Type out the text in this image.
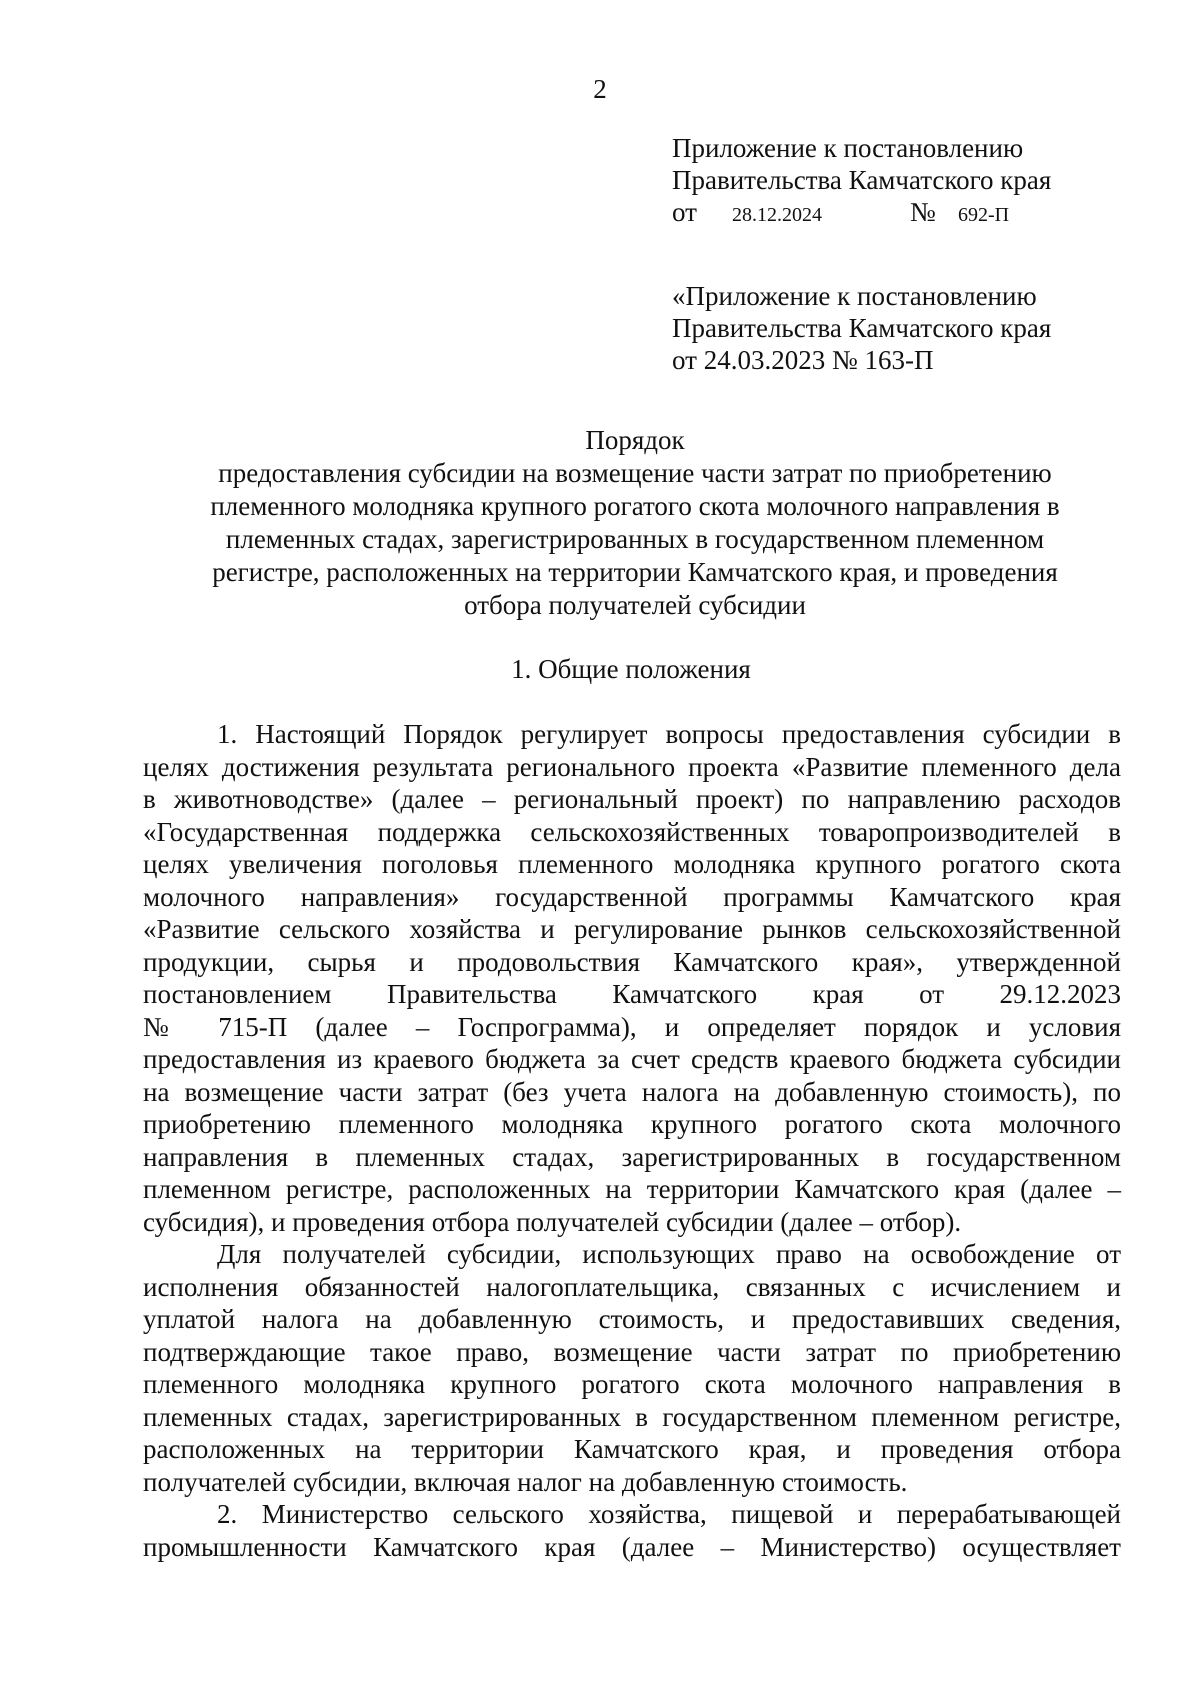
2
Приложение к постановлению
Правительства Камчатского края
от	28.12.2024	№	692-П
«Приложение к постановлению
Правительства Камчатского края
от 24.03.2023 № 163-П
Порядок
предоставления субсидии на возмещение части затрат по приобретению
племенного молодняка крупного рогатого скота молочного направления в
племенных стадах, зарегистрированных в государственном племенном
регистре, расположенных на территории Камчатского края, и проведения
отбора получателей субсидии
1. Общие положения
1. Настоящий Порядок регулирует вопросы предоставления субсидии в
целях достижения результата регионального проекта «Развитие племенного дела
в животноводстве» (далее – региональный проект) по направлению расходов
«Государственная поддержка сельскохозяйственных товаропроизводителей в
целях увеличения поголовья племенного молодняка крупного рогатого скота
молочного направления» государственной программы Камчатского края
«Развитие сельского хозяйства и регулирование рынков сельскохозяйственной
продукции, сырья и продовольствия Камчатского края», утвержденной
постановлением Правительства Камчатского края от 29.12.2023
№ 715-П (далее – Госпрограмма), и определяет порядок и условия
предоставления из краевого бюджета за счет средств краевого бюджета субсидии
на возмещение части затрат (без учета налога на добавленную стоимость), по
приобретению племенного молодняка крупного рогатого скота молочного
направления в племенных стадах, зарегистрированных в государственном
племенном регистре, расположенных на территории Камчатского края (далее –
субсидия), и проведения отбора получателей субсидии (далее – отбор).
Для получателей субсидии, использующих право на освобождение от
исполнения обязанностей налогоплательщика, связанных с исчислением и
уплатой налога на добавленную стоимость, и предоставивших сведения,
подтверждающие такое право, возмещение части затрат по приобретению
племенного молодняка крупного рогатого скота молочного направления в
племенных стадах, зарегистрированных в государственном племенном регистре,
расположенных на территории Камчатского края, и проведения отбора
получателей субсидии, включая налог на добавленную стоимость.
2. Министерство сельского хозяйства, пищевой и перерабатывающей
промышленности Камчатского края (далее – Министерство) осуществляет
